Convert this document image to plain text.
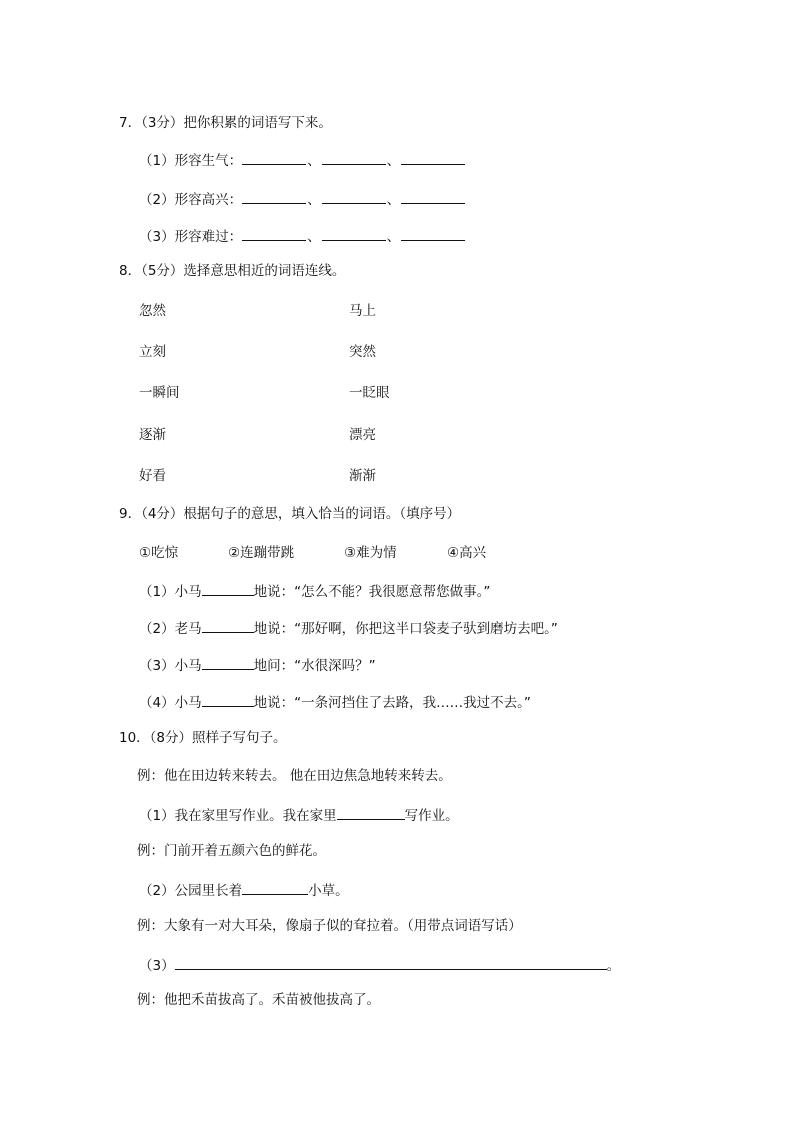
7．（3分）把你积累的词语写下来。
（1）形容生气：	、	、
（2）形容高兴：	、	、
（3）形容难过：	、	、
8．（5分）选择意思相近的词语连线。
忽然
立刻
一瞬间
逐渐
好看
马上
突然
一眨眼
漂亮
渐渐
9．（4分）根据句子的意思，填入恰当的词语。（填序号）
①吃惊	②连蹦带跳	③难为情	④高兴
（1）小马	地说：“怎么不能？我很愿意帮您做事。”
（2）老马	地说：“那好啊，你把这半口袋麦子驮到磨坊去吧。”
（3）小马	地问：“水很深吗？”
（4）小马	地说：“一条河挡住了去路，我……我过不去。”
10．（8分）照样子写句子。
例：他在田边转来转去。 他在田边焦急地转来转去。
（1）我在家里写作业。我在家里	写作业。
例：门前开着五颜六色的鲜花。
（2）公园里长着	小草。
例：大象有一对大耳朵，像扇子似的耷拉着。（用带点词语写话）
（3）	。
例：他把禾苗拔高了。禾苗被他拔高了。
